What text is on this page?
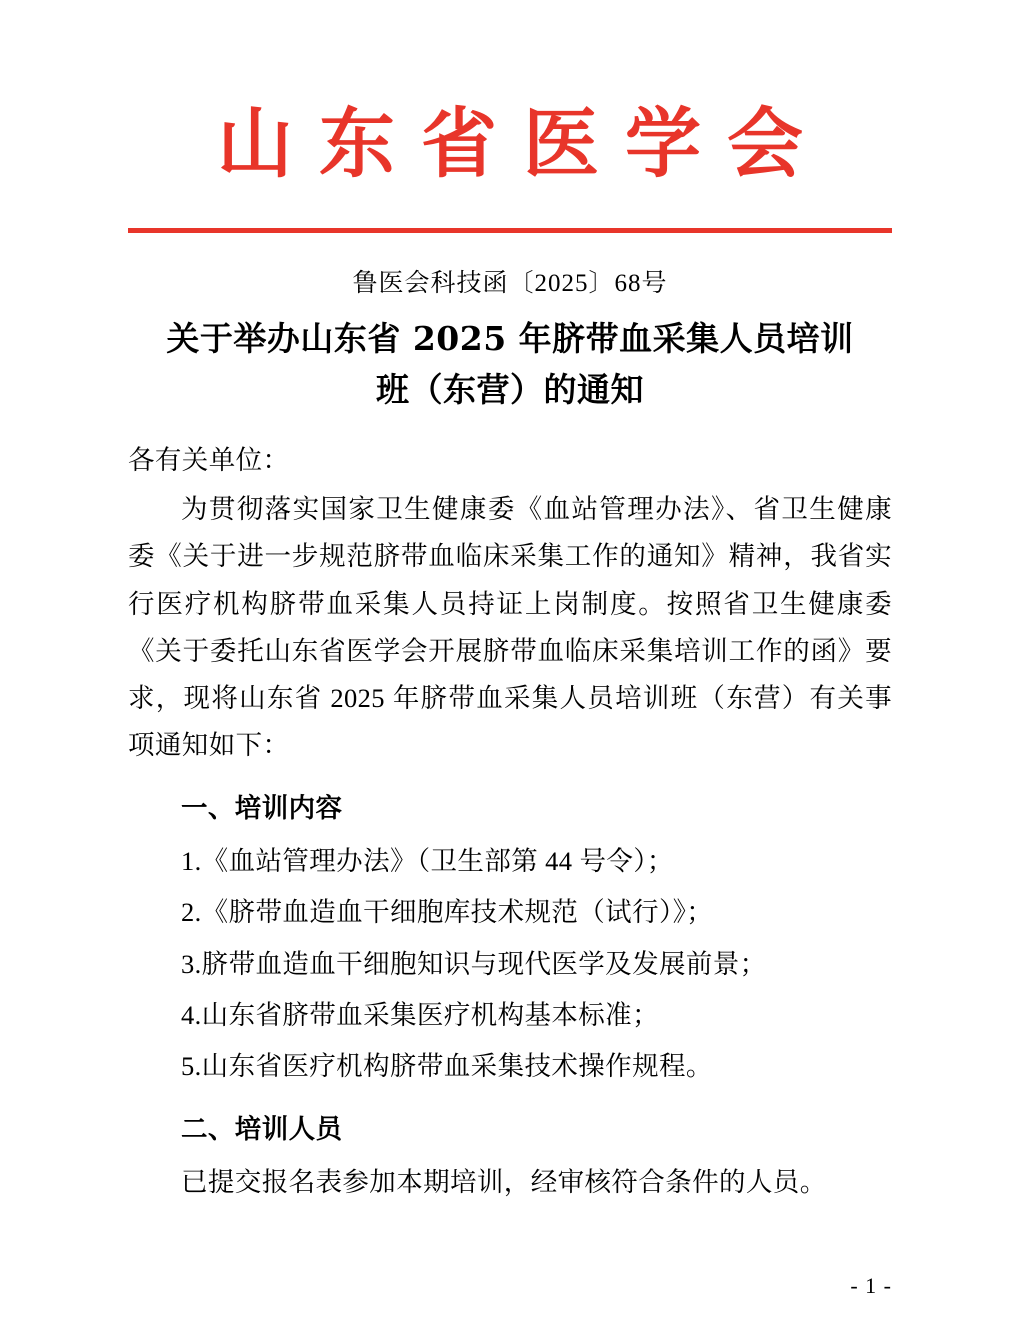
山东省医学会
鲁医会科技函〔2025〕68号
关于举办山东省 2025 年脐带血采集人员培训
班（东营）的通知

各有关单位：

为贯彻落实国家卫生健康委《血站管理办法》、省卫生健康委《关于进一步规范脐带血临床采集工作的通知》精神，我省实行医疗机构脐带血采集人员持证上岗制度。按照省卫生健康委《关于委托山东省医学会开展脐带血临床采集培训工作的函》要求，现将山东省 2025 年脐带血采集人员培训班（东营）有关事项通知如下：

一、培训内容

1.《血站管理办法》（卫生部第 44 号令）；

2.《脐带血造血干细胞库技术规范（试行）》；

3.脐带血造血干细胞知识与现代医学及发展前景；

4.山东省脐带血采集医疗机构基本标准；

5.山东省医疗机构脐带血采集技术操作规程。

二、培训人员

已提交报名表参加本期培训，经审核符合条件的人员。

- 1 -
